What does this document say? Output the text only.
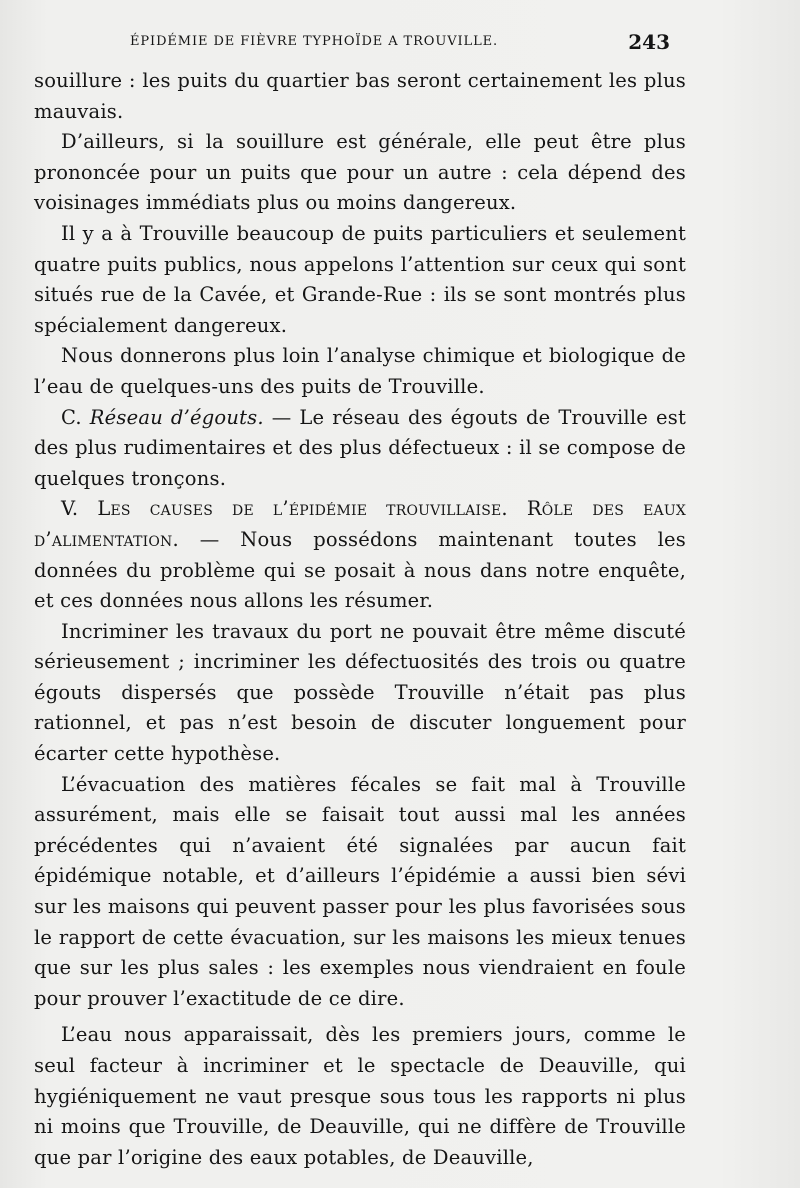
ÉPIDÉMIE DE FIÈVRE TYPHOÏDE A TROUVILLE.	243

souillure : les puits du quartier bas seront certainement les plus mauvais.

D’ailleurs, si la souillure est générale, elle peut être plus prononcée pour un puits que pour un autre : cela dépend des voisinages immédiats plus ou moins dangereux.

Il y a à Trouville beaucoup de puits particuliers et seulement quatre puits publics, nous appelons l’attention sur ceux qui sont situés rue de la Cavée, et Grande-Rue : ils se sont montrés plus spécialement dangereux.

Nous donnerons plus loin l’analyse chimique et biologique de l’eau de quelques-uns des puits de Trouville.

C. Réseau d’égouts. — Le réseau des égouts de Trouville est des plus rudimentaires et des plus défectueux : il se compose de quelques tronçons.

V. Les causes de l’épidémie trouvillaise. Rôle des eaux d’alimentation. — Nous possédons maintenant toutes les données du problème qui se posait à nous dans notre enquête, et ces données nous allons les résumer.

Incriminer les travaux du port ne pouvait être même discuté sérieusement ; incriminer les défectuosités des trois ou quatre égouts dispersés que possède Trouville n’était pas plus rationnel, et pas n’est besoin de discuter longuement pour écarter cette hypothèse.

L’évacuation des matières fécales se fait mal à Trouville assurément, mais elle se faisait tout aussi mal les années précédentes qui n’avaient été signalées par aucun fait épidémique notable, et d’ailleurs l’épidémie a aussi bien sévi sur les maisons qui peuvent passer pour les plus favorisées sous le rapport de cette évacuation, sur les maisons les mieux tenues que sur les plus sales : les exemples nous viendraient en foule pour prouver l’exactitude de ce dire.

L’eau nous apparaissait, dès les premiers jours, comme le seul facteur à incriminer et le spectacle de Deauville, qui hygiéniquement ne vaut presque sous tous les rapports ni plus ni moins que Trouville, de Deauville, qui ne diffère de Trouville que par l’origine des eaux potables, de Deauville,
